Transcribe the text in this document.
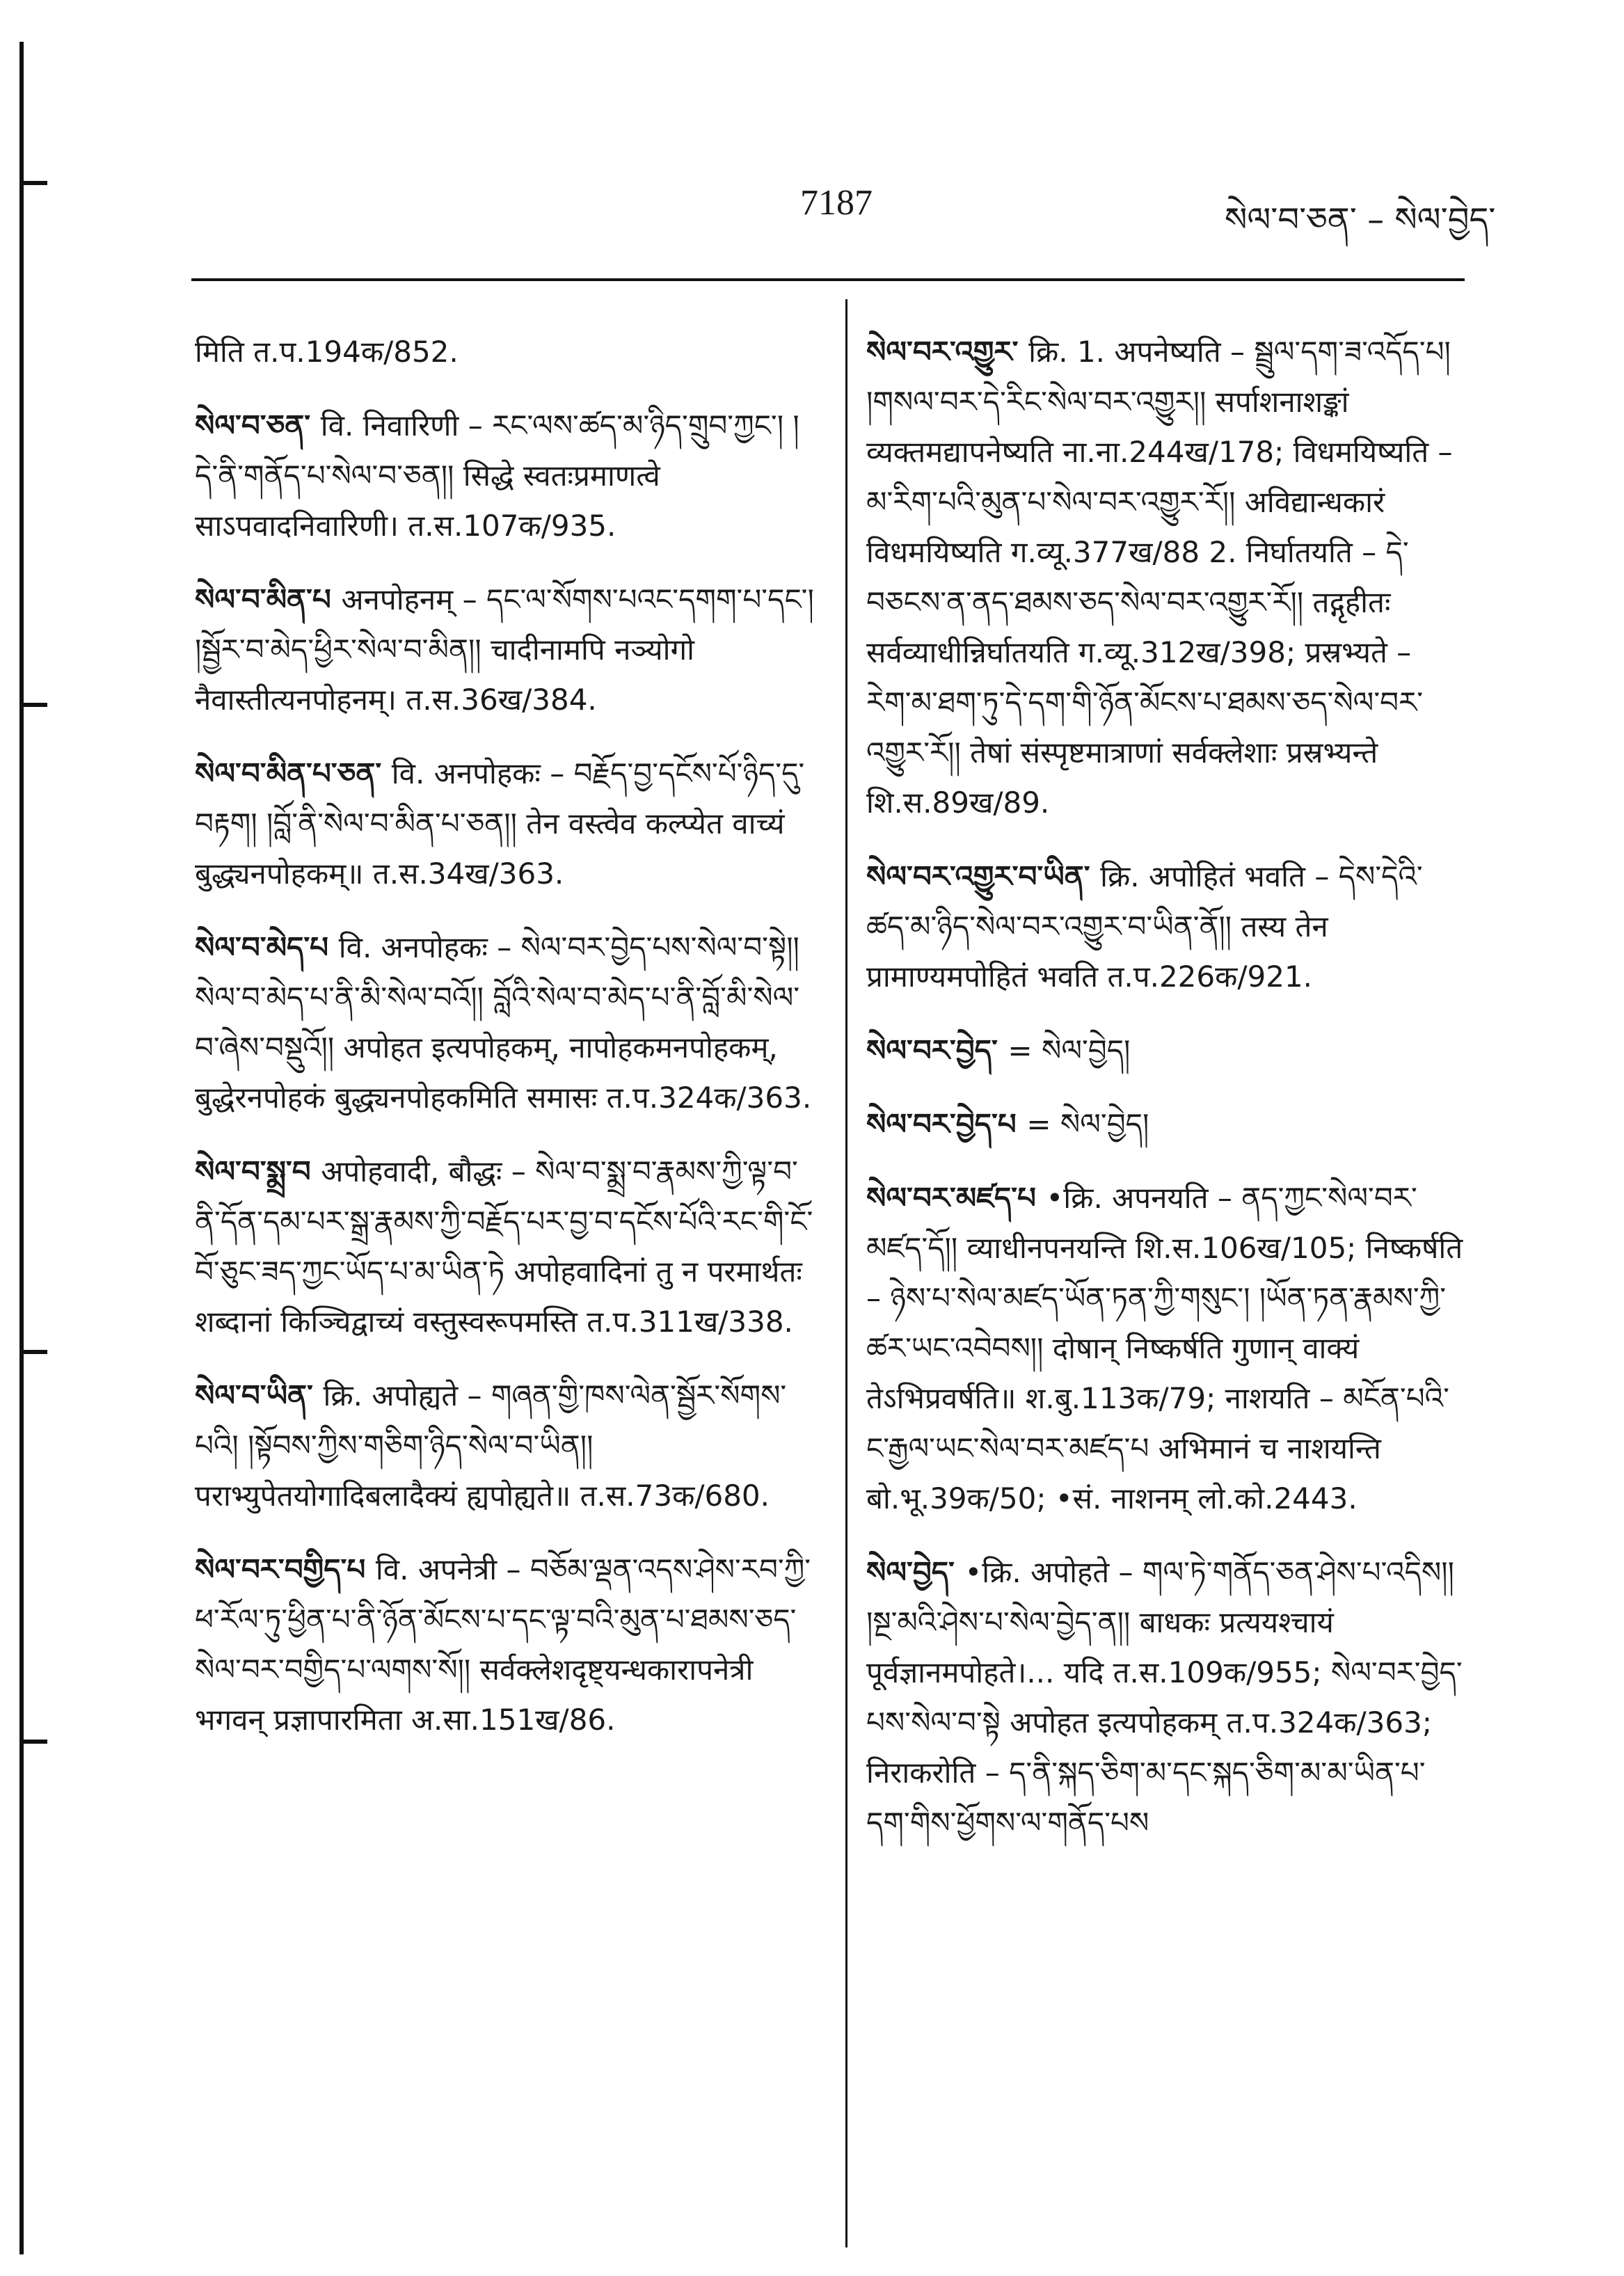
7187	སེལ་བ་ཅན་ – སེལ་བྱེད་
मिति त.प.194क/852.
སེལ་བ་ཅན་ वि. निवारिणी – རང་ལས་ཚད་མ་ཉིད་གྲུབ་ཀྱང་། །དེ་ནི་གནོད་པ་སེལ་བ་ཅན།། सिद्धे स्वतःप्रमाणत्वे साऽपवादनिवारिणी। त.स.107क/935.
སེལ་བ་མིན་པ अनपोहनम् – དང་ལ་སོགས་པའང་དགག་པ་དང་། །སྦྱོར་བ་མེད་ཕྱིར་སེལ་བ་མིན།། चादीनामपि नञ्योगो नैवास्तीत्यनपोहनम्। त.स.36ख/384.
སེལ་བ་མིན་པ་ཅན་ वि. अनपोहकः – བརྗོད་བྱ་དངོས་པོ་ཉིད་དུ་བརྟག། །བློ་ནི་སེལ་བ་མིན་པ་ཅན།། तेन वस्त्वेव कल्प्येत वाच्यं बुद्ध्यनपोहकम्॥ त.स.34ख/363.
སེལ་བ་མེད་པ वि. अनपोहकः – སེལ་བར་བྱེད་པས་སེལ་བ་སྟེ།། སེལ་བ་མེད་པ་ནི་མི་སེལ་བའོ།། བློའི་སེལ་བ་མེད་པ་ནི་བློ་མི་སེལ་བ་ཞེས་བསྡུའོ།། अपोहत इत्यपोहकम्, नापोहकमनपोहकम्, बुद्धेरनपोहकं बुद्ध्यनपोहकमिति समासः त.प.324क/363.
སེལ་བ་སྨྲ་བ अपोहवादी, बौद्धः – སེལ་བ་སྨྲ་བ་རྣམས་ཀྱི་ལྟ་བ་ནི་དོན་དམ་པར་སྒྲ་རྣམས་ཀྱི་བརྗོད་པར་བྱ་བ་དངོས་པོའི་རང་གི་ངོ་བོ་ཅུང་ཟད་ཀྱང་ཡོད་པ་མ་ཡིན་ཏེ अपोहवादिनां तु न परमार्थतः शब्दानां किञ्चिद्वाच्यं वस्तुस्वरूपमस्ति त.प.311ख/338.
སེལ་བ་ཡིན་ क्रि. अपोह्यते – གཞན་གྱི་ཁས་ལེན་སྦྱོར་སོགས་པའི། །སྟོབས་ཀྱིས་གཅིག་ཉིད་སེལ་བ་ཡིན།། पराभ्युपेतयोगादिबलादैक्यं ह्यपोह्यते॥ त.स.73क/680.
སེལ་བར་བགྱིད་པ वि. अपनेत्री – བཅོམ་ལྡན་འདས་ཤེས་རབ་ཀྱི་ཕ་རོལ་ཏུ་ཕྱིན་པ་ནི་ཉོན་མོངས་པ་དང་ལྟ་བའི་མུན་པ་ཐམས་ཅད་སེལ་བར་བགྱིད་པ་ལགས་སོ།། सर्वक्लेशदृष्ट्यन्धकारापनेत्री भगवन् प्रज्ञापारमिता अ.सा.151ख/86.
སེལ་བར་འགྱུར་ क्रि. 1. अपनेष्यति – སྦྲུལ་དག་ཟ་འདོད་པ། །གསལ་བར་དེ་རིང་སེལ་བར་འགྱུར།། सर्पाशनाशङ्कां व्यक्तमद्यापनेष्यति ना.ना.244ख/178; विधमयिष्यति – མ་རིག་པའི་མུན་པ་སེལ་བར་འགྱུར་རོ།། अविद्यान्धकारं विधमयिष्यति ग.व्यू.377ख/88 2. निर्घातयति – དེ་བཅངས་ན་ནད་ཐམས་ཅད་སེལ་བར་འགྱུར་རོ།། तद्गृहीतः सर्वव्याधीन्निर्घातयति ग.व्यू.312ख/398; प्रस्रभ्यते – རེག་མ་ཐག་ཏུ་དེ་དག་གི་ཉོན་མོངས་པ་ཐམས་ཅད་སེལ་བར་འགྱུར་རོ།། तेषां संस्पृष्टमात्राणां सर्वक्लेशाः प्रस्रभ्यन्ते शि.स.89ख/89.
སེལ་བར་འགྱུར་བ་ཡིན་ क्रि. अपोहितं भवति – དེས་དེའི་ཚད་མ་ཉིད་སེལ་བར་འགྱུར་བ་ཡིན་ནོ།། तस्य तेन प्रामाण्यमपोहितं भवति त.प.226क/921.
སེལ་བར་བྱེད་ = སེལ་བྱེད།
སེལ་བར་བྱེད་པ = སེལ་བྱེད།
སེལ་བར་མཛད་པ •क्रि. अपनयति – ནད་ཀྱང་སེལ་བར་མཛད་དོ།། व्याधीनपनयन्ति शि.स.106ख/105; निष्कर्षति – ཉེས་པ་སེལ་མཛད་ཡོན་ཏན་ཀྱི་གསུང་། །ཡོན་ཏན་རྣམས་ཀྱི་ཚར་ཡང་འབེབས།། दोषान् निष्कर्षति गुणान् वाक्यं तेऽभिप्रवर्षति॥ श.बु.113क/79; नाशयति – མངོན་པའི་ང་རྒྱལ་ཡང་སེལ་བར་མཛད་པ अभिमानं च नाशयन्ति बो.भू.39क/50; •सं. नाशनम् लो.को.2443.
སེལ་བྱེད་ •क्रि. अपोहते – གལ་ཏེ་གནོད་ཅན་ཤེས་པ་འདིས།། །སྔ་མའི་ཤེས་པ་སེལ་བྱེད་ན།། बाधकः प्रत्ययश्चायं पूर्वज्ञानमपोहते।... यदि त.स.109क/955; སེལ་བར་བྱེད་པས་སེལ་བ་སྟེ अपोहत इत्यपोहकम् त.प.324क/363; निराकरोति – ད་ནི་སྐད་ཅིག་མ་དང་སྐད་ཅིག་མ་མ་ཡིན་པ་དག་གིས་ཕྱོགས་ལ་གནོད་པས
